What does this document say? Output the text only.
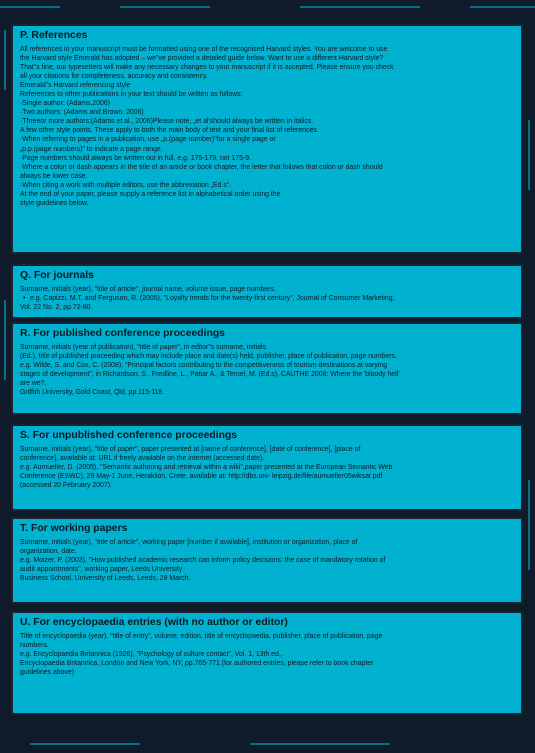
P. References
All references in your manuscript must be formatted using one of the recognised Harvard styles. You are welcome to use
the Harvard style Emerald has adopted – we"ve provided a detailed guide below. Want to use a different Harvard style?
That"s fine, our typesetters will make any necessary changes to your manuscript if it is accepted. Please ensure you check
all your citations for completeness, accuracy and consistency.
Emerald"s Harvard referencing style
References to other publications in your text should be written as follows:
·Single author: (Adams,2006)
·Two authors: (Adams and Brown, 2006)
·Threeor more authors:(Adams et al., 2006)Please note, „et al'should always be written in italics.
A few other style points. These apply to both the main body of text and your final list of references.
·When referring to pages in a publication, use „p.(page number)"for a single page or
„p.p.(page numbers)" to indicate a page range.
·Page numbers should always be written out in full, e.g. 175-179, not 175-9.
·Where a colon or dash appears in the title of an article or book chapter, the letter that follows that colon or dash should
always be lower case.
·When citing a work with multiple editors, use the abbreviation „Ed.s".
At the end of your paper, please supply a reference list in alphabetical order using the
style guidelines below.
Q. For journals
Surname, initials (year), "title of article", journal name, volume issue, page numbers.
• e.g. Capizzi, M.T. and Ferguson, R. (2005), "Loyalty trends for the twenty-first century", Journal of Consumer Marketing,
Vol. 22 No. 2, pp.72-80.
R. For published conference proceedings
Surname, initials (year of publication), "title of paper", in editor"s surname, initials
(Ed.), title of published proceeding which may include place and date(s) held, publisher, place of publication, page numbers.
e.g. Wilde, S. and Cox, C. (2008), "Principal factors contributing to the competitiveness of tourism destinations at varying
stages of development", in Richardson, S., Fredline, L., Patiar A., & Ternel, M. (Ed.s), CAUTHE 2008: Where the 'bloody hell'
are we?,
Griffith University, Gold Coast, Qld, pp.115-118.
S. For unpublished conference proceedings
Surname, initials (year), "title of paper", paper presented at [name of conference], [date of conference], [place of
conference], available at: URL if freely available on the internet (accessed date).
e.g. Aumueller, D. (2005), "Semantic authoring and retrieval within a wiki",paper presented at the European Semantic Web
Conference (ESWC), 29 May-1 June, Heraklion, Crete, available at: http://dbs.uni- leipzig.de/file/aumueller05wiksar.pdf
(accessed 20 February 2007).
T. For working papers
Surname, initials (year), "title of article", working paper [number if available], institution or organization, place of
organization, date.
e.g. Moizer, P. (2003), "How published academic research can inform policy decisions: the case of mandatory rotation of
audit appointments", working paper, Leeds University
Business School, University of Leeds, Leeds, 28 March.
U. For encyclopaedia entries (with no author or editor)
Title of encyclopaedia (year), "title of entry", volume, edition, title of encyclopaedia, publisher, place of publication, page
numbers.
e.g. Encyclopaedia Britannica (1926), "Psychology of culture contact", Vol. 1, 13th ed.,
Encyclopaedia Britannica, London and New York, NY, pp.765-771.(for authored entries, please refer to book chapter
guidelines above)
